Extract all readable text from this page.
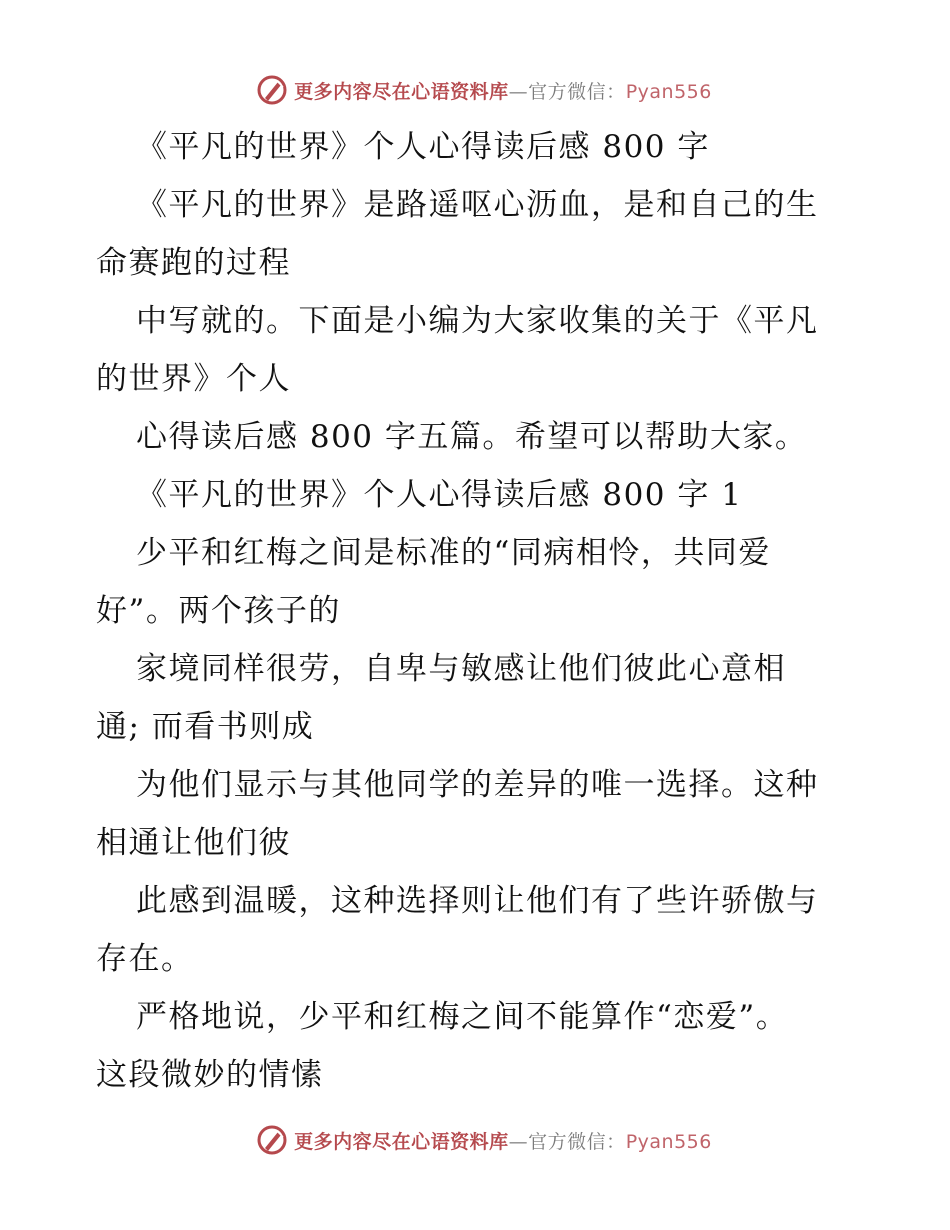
更多内容尽在心语资料库—官方微信：Pyan556
《平凡的世界》个人心得读后感 800 字
《平凡的世界》是路遥呕心沥血，是和自己的生
命赛跑的过程
中写就的。下面是小编为大家收集的关于《平凡
的世界》个人
心得读后感 800 字五篇。希望可以帮助大家。
《平凡的世界》个人心得读后感 800 字 1
少平和红梅之间是标准的“同病相怜，共同爱
好”。两个孩子的
家境同样很劳，自卑与敏感让他们彼此心意相
通; 而看书则成
为他们显示与其他同学的差异的唯一选择。这种
相通让他们彼
此感到温暖，这种选择则让他们有了些许骄傲与
存在。
严格地说，少平和红梅之间不能算作“恋爱”。
这段微妙的情愫
更多内容尽在心语资料库—官方微信：Pyan556
